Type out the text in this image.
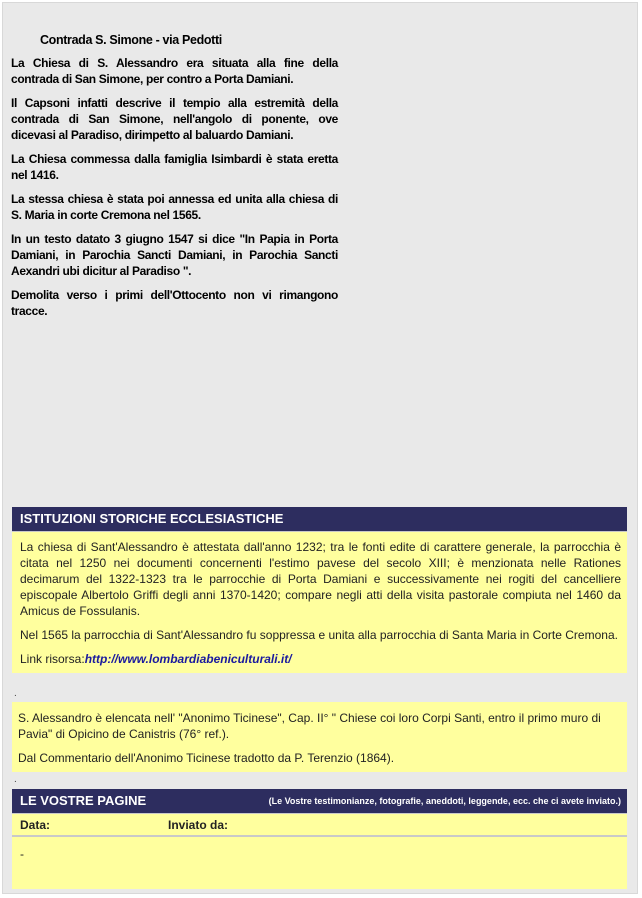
Contrada S. Simone - via Pedotti

La Chiesa di S. Alessandro era situata alla fine della contrada di San Simone, per contro a Porta Damiani.

Il Capsoni infatti descrive il tempio alla estremità della contrada di San Simone, nell'angolo di ponente, ove dicevasi al Paradiso, dirimpetto al baluardo Damiani.

La Chiesa commessa dalla famiglia Isimbardi è stata eretta nel 1416.

La stessa chiesa è stata poi annessa ed unita alla chiesa di S. Maria in corte Cremona nel 1565.

In un testo datato 3 giugno 1547 si dice "In Papia in Porta Damiani, in Parochia Sancti Damiani, in Parochia Sancti Aexandri ubi dicitur al Paradiso ".

Demolita verso i primi dell'Ottocento non vi rimangono tracce.

ISTITUZIONI STORICHE ECCLESIASTICHE

La chiesa di Sant'Alessandro è attestata dall'anno 1232; tra le fonti edite di carattere generale, la parrocchia è citata nel 1250 nei documenti concernenti l'estimo pavese del secolo XIII; è menzionata nelle Rationes decimarum del 1322-1323 tra le parrocchie di Porta Damiani e successivamente nei rogiti del cancelliere episcopale Albertolo Griffi degli anni 1370-1420; compare negli atti della visita pastorale compiuta nel 1460 da Amicus de Fossulanis.

Nel 1565 la parrocchia di Sant'Alessandro fu soppressa e unita alla parrocchia di Santa Maria in Corte Cremona.

Link risorsa:http://www.lombardiabeniculturali.it/

.

S. Alessandro è elencata nell' "Anonimo Ticinese", Cap. II° " Chiese coi loro Corpi Santi, entro il primo muro di Pavia" di Opicino de Canistris (76° ref.).

Dal Commentario dell'Anonimo Ticinese tradotto da P. Terenzio (1864).

.
LE VOSTRE PAGINE	(Le Vostre testimonianze, fotografie, aneddoti, leggende, ecc. che ci avete inviato.)
Data:	Inviato da:
-
